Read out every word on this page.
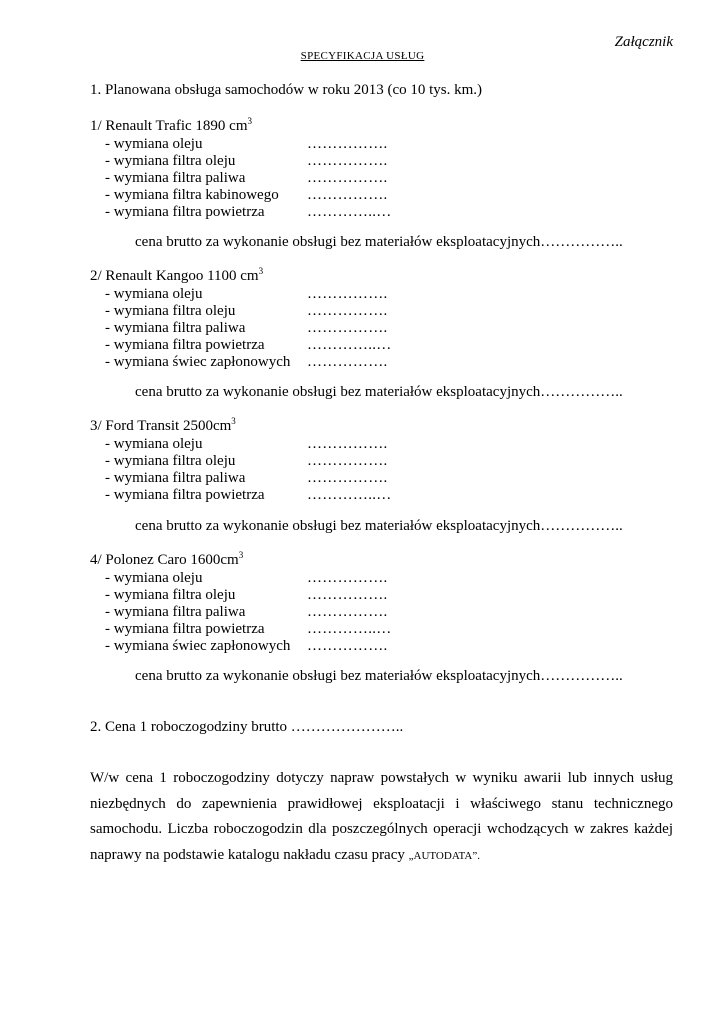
Załącznik
SPECYFIKACJA USŁUG
1. Planowana obsługa samochodów w roku 2013 (co 10 tys. km.)
1/ Renault Trafic 1890 $cm^3$
- wymiana oleju	…………….
- wymiana filtra oleju	…………….
- wymiana filtra paliwa	…………….
- wymiana filtra kabinowego …………….
- wymiana filtra powietrza	…………..…
cena brutto za wykonanie obsługi bez materiałów eksploatacyjnych……………..
2/ Renault Kangoo 1100 $cm^3$
- wymiana oleju	…………….
- wymiana filtra oleju	…………….
- wymiana filtra paliwa	…………….
- wymiana filtra powietrza	…………..…
- wymiana świec zapłonowych …………….
cena brutto za wykonanie obsługi bez materiałów eksploatacyjnych……………..
3/ Ford Transit $2500cm^3$
- wymiana oleju	…………….
- wymiana filtra oleju	…………….
- wymiana filtra paliwa	…………….
- wymiana filtra powietrza	…………..…
cena brutto za wykonanie obsługi bez materiałów eksploatacyjnych……………..
4/ Polonez Caro $1600cm^3$
- wymiana oleju	…………….
- wymiana filtra oleju	…………….
- wymiana filtra paliwa	…………….
- wymiana filtra powietrza	…………..…
- wymiana świec zapłonowych …………….
cena brutto za wykonanie obsługi bez materiałów eksploatacyjnych……………..
2. Cena 1 roboczogodziny brutto …………………..
W/w cena 1 roboczogodziny dotyczy napraw powstałych w wyniku awarii lub innych usług niezbędnych do zapewnienia prawidłowej eksploatacji i właściwego stanu technicznego samochodu. Liczba roboczogodzin dla poszczególnych operacji wchodzących w zakres każdej naprawy na podstawie katalogu nakładu czasu pracy „AUTODATA”.
